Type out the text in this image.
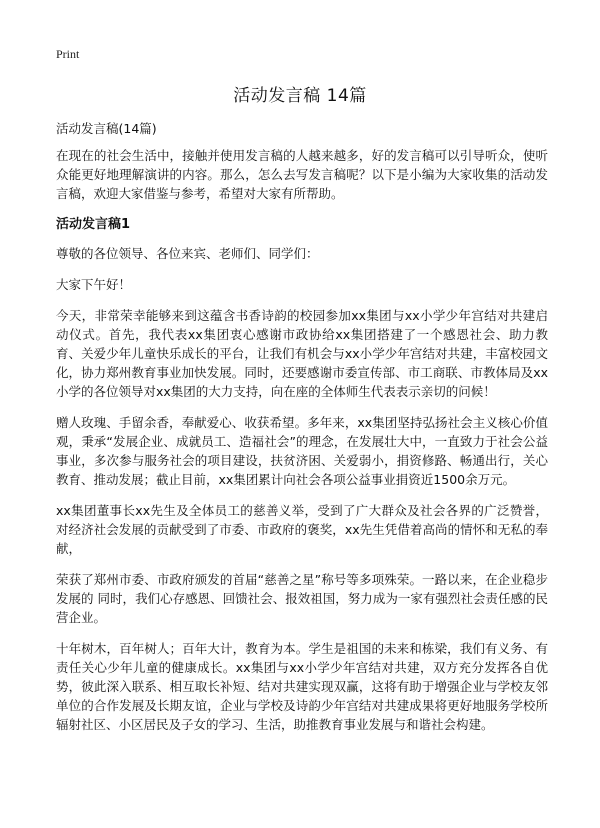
Print
活动发言稿 14篇

活动发言稿(14篇)

在现在的社会生活中，接触并使用发言稿的人越来越多，好的发言稿可以引导听众，使听众能更好地理解演讲的内容。那么，怎么去写发言稿呢？以下是小编为大家收集的活动发言稿，欢迎大家借鉴与参考，希望对大家有所帮助。

活动发言稿1

尊敬的各位领导、各位来宾、老师们、同学们：

大家下午好！

今天，非常荣幸能够来到这蕴含书香诗韵的校园参加xx集团与xx小学少年宫结对共建启动仪式。首先，我代表xx集团衷心感谢市政协给xx集团搭建了一个感恩社会、助力教育、关爱少年儿童快乐成长的平台，让我们有机会与xx小学少年宫结对共建，丰富校园文化，协力郑州教育事业加快发展。同时，还要感谢市委宣传部、市工商联、市教体局及xx小学的各位领导对xx集团的大力支持，向在座的全体师生代表表示亲切的问候！

赠人玫瑰、手留余香，奉献爱心、收获希望。多年来，xx集团坚持弘扬社会主义核心价值观，秉承“发展企业、成就员工、造福社会”的理念，在发展壮大中，一直致力于社会公益事业，多次参与服务社会的项目建设，扶贫济困、关爱弱小，捐资修路、畅通出行，关心教育、推动发展；截止目前，xx集团累计向社会各项公益事业捐资近1500余万元。

xx集团董事长xx先生及全体员工的慈善义举，受到了广大群众及社会各界的广泛赞誉，对经济社会发展的贡献受到了市委、市政府的褒奖，xx先生凭借着高尚的情怀和无私的奉献，

荣获了郑州市委、市政府颁发的首届“慈善之星”称号等多项殊荣。一路以来，在企业稳步发展的 同时，我们心存感恩、回馈社会、报效祖国，努力成为一家有强烈社会责任感的民营企业。

十年树木，百年树人；百年大计，教育为本。学生是祖国的未来和栋梁，我们有义务、有责任关心少年儿童的健康成长。xx集团与xx小学少年宫结对共建，双方充分发挥各自优势，彼此深入联系、相互取长补短、结对共建实现双赢，这将有助于增强企业与学校友邻单位的合作发展及长期友谊，企业与学校及诗韵少年宫结对共建成果将更好地服务学校所辐射社区、小区居民及子女的学习、生活，助推教育事业发展与和谐社会构建。
